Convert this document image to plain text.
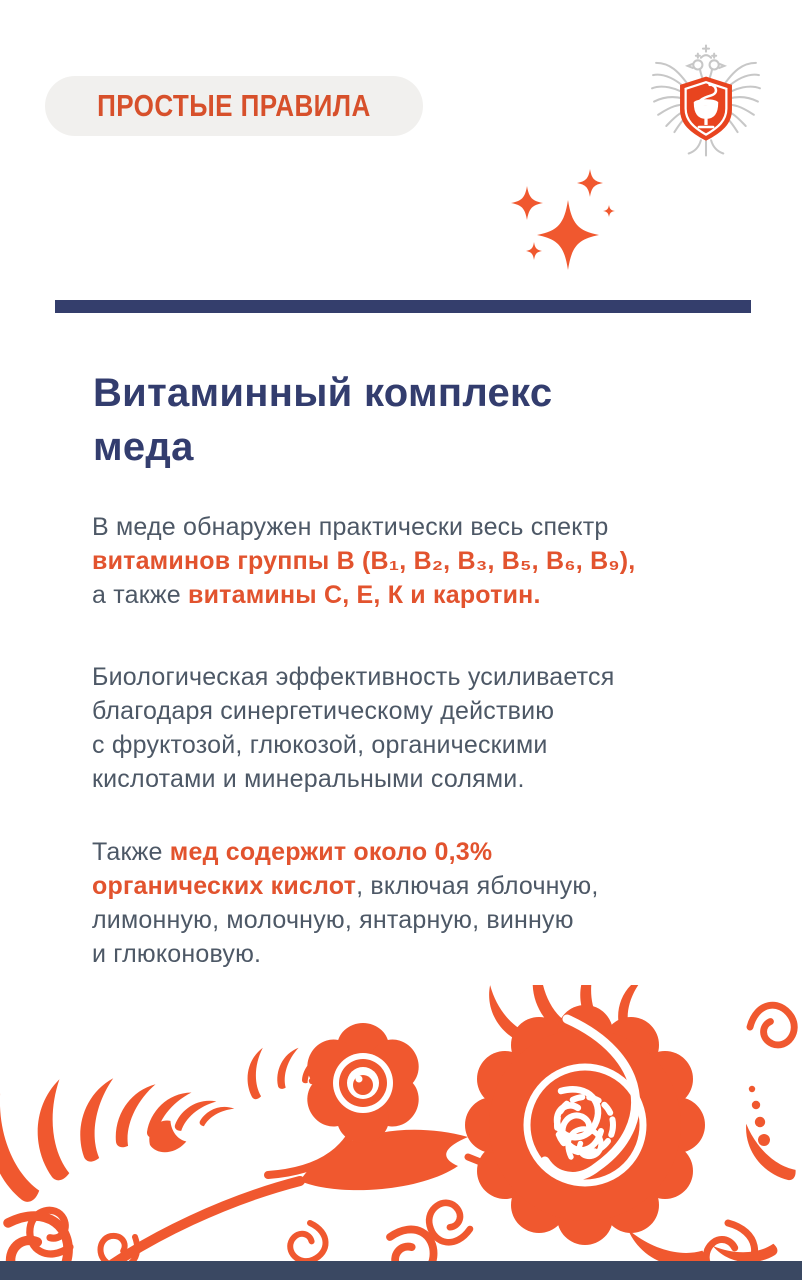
ПРОСТЫЕ ПРАВИЛА
Витаминный комплекс
меда
В меде обнаружен практически весь спектр
витаминов группы В (В₁, В₂, В₃, В₅, В₆, В₉),
а также витамины С, Е, К и каротин.
Биологическая эффективность усиливается
благодаря синергетическому действию
с фруктозой, глюкозой, органическими
кислотами и минеральными солями.
Также мед содержит около 0,3%
органических кислот, включая яблочную,
лимонную, молочную, янтарную, винную
и глюконовую.
